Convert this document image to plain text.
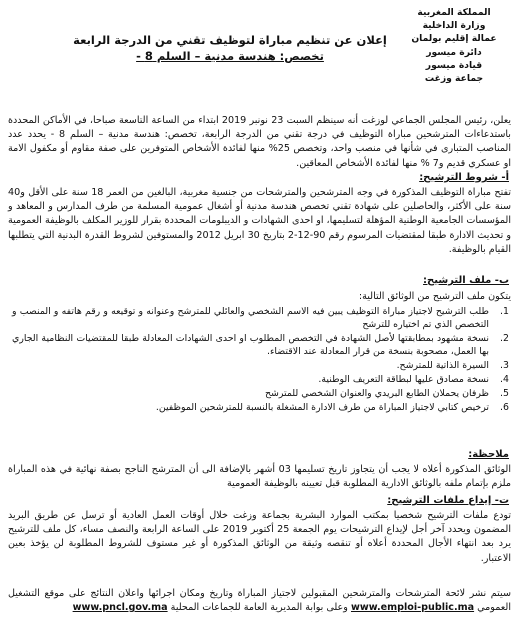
المملكة المغربية
وزارة الداخلية
عمالة إقليم بولمان
دائرة ميسور
قيادة ميسور
جماعة وزغت
إعلان عن تنظيم مباراة لتوظيف تقني من الدرجة الرابعة
تخصص: هندسة مدنية – السلم 8 -
يعلن، رئيس المجلس الجماعي لوزغت أنه سينظم السبت 23 نونبر 2019 ابتداء من الساعة التاسعة صباحا، في الأماكن المحددة باستدعاءات المترشحين مباراة التوظيف في درجة تقني من الدرجة الرابعة، تخصص: هندسة مدنية – السلم 8 - يحدد عدد المناصب المتبارى في شأنها في منصب واحد، وتخصص 25% منها لفائدة الأشخاص المتوفرين على صفة مقاوم أو مكفول الامة او عسكري قديم و7 % منها لفائدة الأشخاص المعاقين.
أ- شروط الترشيح:
تفتح مباراة التوظيف المذكورة في وجه المترشحين والمترشحات من جنسية مغربية، البالغين من العمر 18 سنة على الأقل و40 سنة على الأكثر، والحاصلين على شهادة تقني تخصص هندسة مدنية أو أشغال عمومية المسلمة من طرف المدارس و المعاهد و المؤسسات الجامعية الوطنية المؤهلة لتسليمها، او احدى الشهادات و الديبلومات المحددة بقرار للوزير المكلف بالوظيفة العمومية و تحديث الادارة طبقا لمقتضيات المرسوم رقم 90-12-2 بتاريخ 30 ابريل 2012 والمستوفين لشروط القدرة البدنية التي يتطلبها القيام بالوظيفة.
ب- ملف الترشيح:
يتكون ملف الترشيح من الوثائق التالية:
1.
طلب الترشيح لاجتياز مباراة التوظيف يبين فيه الاسم الشخصي والعائلي للمترشح وعنوانه و توقيعه و رقم هاتفه و المنصب و التخصص الذي تم اختياره للترشح
2.
نسخة مشهود بمطابقتها لأصل الشهادة في التخصص المطلوب او احدى الشهادات المعادلة طبقا للمقتضيات النظامية الجاري بها العمل، مصحوبة بنسخة من قرار المعادلة عند الاقتضاء.
3.
السيرة الذاتية للمترشح.
4.
نسخة مصادق عليها لبطاقة التعريف الوطنية.
5.
ظرفان يحملان الطابع البريدي والعنوان الشخصي للمترشح
6.
ترخيص كتابي لاجتياز المباراة من طرف الادارة المشغلة بالنسبة للمترشحين الموظفين.
ملاحظة:
الوثائق المذكورة أعلاه لا يجب أن يتجاوز تاريخ تسليمها 03 أشهر بالإضافة الى أن المترشح الناجح بصفة نهائية في هذه المباراة ملزم بإتمام ملفه بالوثائق الادارية المطلوبة قبل تعيينه بالوظيفة العمومية
ت- إيداع ملفات الترشيح:
تودع ملفات الترشيح شخصيا بمكتب الموارد البشرية بجماعة وزغت خلال أوقات العمل العادية أو ترسل عن طريق البريد المضمون ويحدد آخر أجل لإيداع الترشيحات يوم الجمعة 25 أكتوبر 2019 على الساعة الرابعة والنصف مساء، كل ملف للترشيح يرد بعد انتهاء الأجال المحددة أعلاه أو تنقصه وثيقة من الوثائق المذكورة أو غير مستوف للشروط المطلوبة لن يؤخذ بعين الاعتبار.
سيتم نشر لائحة المترشحات والمترشحين المقبولين لاجتياز المباراة وتاريخ ومكان اجرائها واعلان النتائج على موقع التشغيل العمومي www.emploi-public.ma وعلى بوابة المديرية العامة للجماعات المحلية www.pncl.gov.ma
